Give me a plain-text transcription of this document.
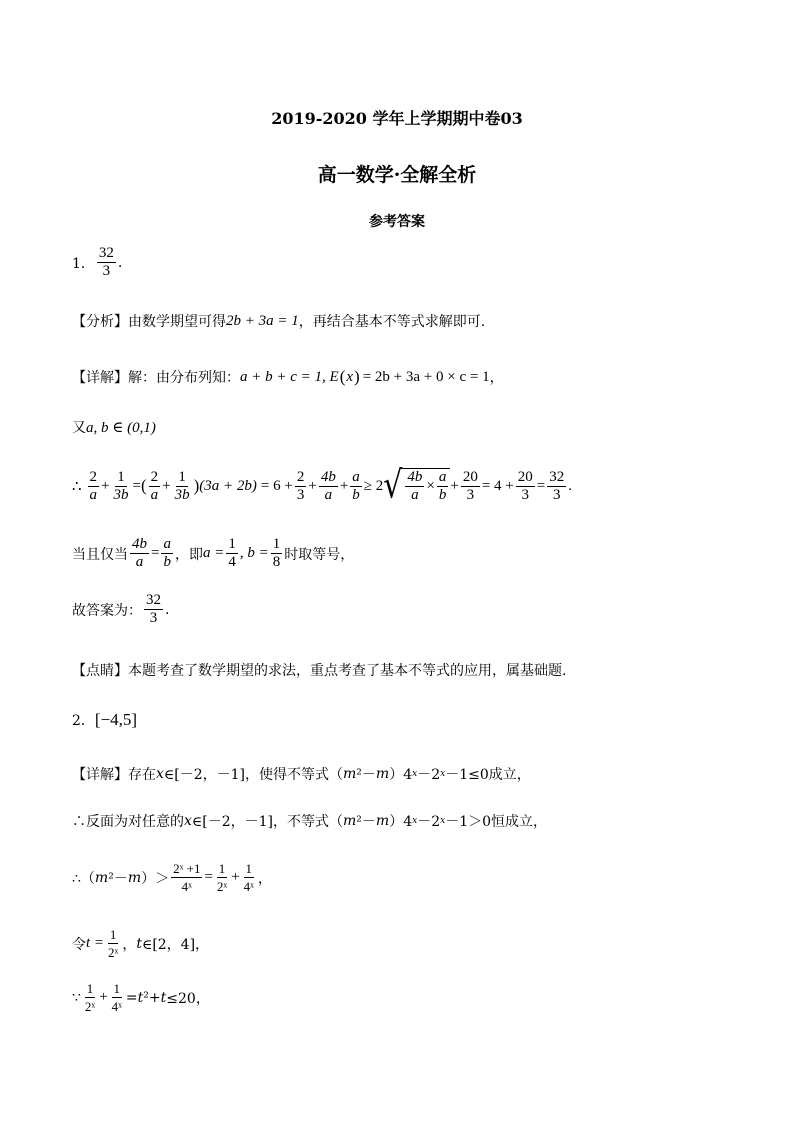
2019-2020 学年上学期期中卷03
高一数学·全解全析
参考答案
1． $\frac{32}{3}$ .
【分析】 由数学期望可得 2b + 3a = 1 ，再结合基本不等式求解即可.
【详解】 解：由分布列知： a + b + c = 1, E ( x ) = 2b + 3a + 0 × c = 1 ，
又 a, b ∈ (0,1)
∴ $\frac{2}{a} + \frac{1}{3b}$ = ( $\frac{2}{a} + \frac{1}{3b}$ ) $(3a + 2b) = 6 + \frac{2}{3} + \frac{4b}{a} + \frac{a}{b} \ge 2$ √ $\frac{4b}{a} \times \frac{a}{b} + \frac{20}{3} = 4 + \frac{20}{3} = \frac{32}{3}$ .
当且仅当 $\frac{4b}{a} = \frac{a}{b}$ ，即 $a = \frac{1}{4}$ , $b = \frac{1}{8}$ 时取等号，
故答案为： $\frac{32}{3}$ .
【点睛】 本题考查了数学期望的求法，重点考查了基本不等式的应用，属基础题.
2． [−4,5]
【详解】 存在 x ∈[－2，－1]，使得不等式（ m ²－ m ）4 x －2 x －1≤0成立，
∴反面为对任意的 x ∈[－2，－1]，不等式（ m ²－ m ）4 x －2 x －1＞0恒成立，
∴（ m ²－ m ）＞ $\frac{\text{2ˣ +1}}{\text{4ˣ}} = \frac{1}{\text{2ˣ}} + \frac{1}{\text{4ˣ}}$ ，
令 $t = \frac{1}{\text{2ˣ}}$ ， t ∈[2，4]，
∵ $\frac{1}{\text{2ˣ}} + \frac{1}{\text{4ˣ}} = t$ ²+ t ≤20，
